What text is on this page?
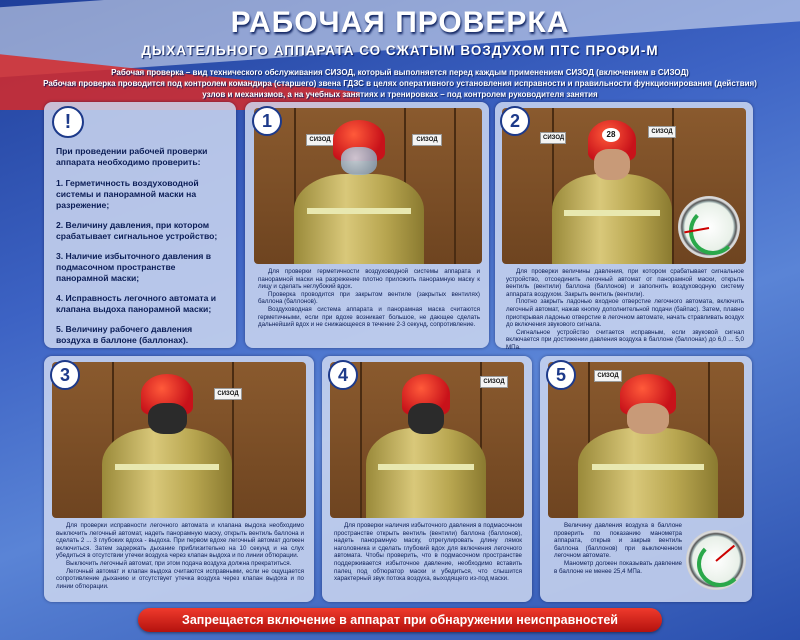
РАБОЧАЯ ПРОВЕРКА
ДЫХАТЕЛЬНОГО АППАРАТА СО СЖАТЫМ ВОЗДУХОМ ПТС ПРОФИ-М
Рабочая проверка – вид технического обслуживания СИЗОД, который выполняется перед каждым применением СИЗОД (включением в СИЗОД)
Рабочая проверка проводится под контролем командира (старшего) звена ГДЗС в целях оперативного установления исправности и правильности функционирования (действия) узлов и механизмов, а на учебных занятиях и тренировках – под контролем руководителя занятия
!
При проведении рабочей проверки аппарата необходимо проверить:
1. Герметичность воздуховодной системы и панорамной маски на разрежение;
2. Величину давления, при котором срабатывает сигнальное устройство;
3. Наличие избыточного давления в подмасочном пространстве панорамной маски;
4. Исправность легочного автомата и клапана выдоха панорамной маски;
5. Величину рабочего давления воздуха в баллоне (баллонах).
СИЗОД	СИЗОД
1

Для проверки герметичности воздуховодной системы аппарата и панорамной маски на разрежение плотно приложить панорамную маску к лицу и сделать неглубокий вдох.

Проверка проводится при закрытом вентиле (закрытых вентилях) баллона (баллонов).

Воздуховодная система аппарата и панорамная маска считаются герметичными, если при вдохе возникает большое, не дающее сделать дальнейший вдох и не снижающееся в течение 2-3 секунд, сопротивление.

СИЗОД
СИЗОД
28
2

Для проверки величины давления, при котором срабатывает сигнальное устройство, отсоединить легочный автомат от панорамной маски, открыть вентиль (вентили) баллона (баллонов) и заполнить воздуховодную систему аппарата воздухом. Закрыть вентиль (вентили).

Плотно закрыть ладонью входное отверстие легочного автомата, включить легочный автомат, нажав кнопку дополнительной подачи (байпас). Затем, плавно приоткрывая ладонью отверстие в легочном автомате, начать стравливать воздух до включения звукового сигнала.

Сигнальное устройство считается исправным, если звуковой сигнал включается при достижении давления воздуха в баллоне (баллонах) до 6,0 ... 5,0 МПа.

СИЗОД
3

Для проверки исправности легочного автомата и клапана выдоха необходимо выключить легочный автомат, надеть панорамную маску, открыть вентиль баллона и сделать 2 ... 3 глубоких вдоха - выдоха. При первом вдохе легочный автомат должен включиться. Затем задержать дыхание приблизительно на 10 секунд и на слух убедиться в отсутствии утечки воздуха через клапан выдоха и по линии обтюрации.

Выключить легочный автомат, при этом подача воздуха должна прекратиться.

Легочный автомат и клапан выдоха считаются исправными, если не ощущается сопротивление дыханию и отсутствует утечка воздуха через клапан выдоха и по линии обтюрации.

СИЗОД
4

Для проверки наличия избыточного давления в подмасочном пространстве открыть вентиль (вентили) баллона (баллонов), надеть панорамную маску, отрегулировать длину лямок наголовника и сделать глубокий вдох для включения легочного автомата. Чтобы проверить, что в подмасочном пространстве поддерживается избыточное давление, необходимо вставить палец под обтюратор маски и убедиться, что слышится характерный звук потока воздуха, выходящего из-под маски.

СИЗОД
5

Величину давления воздуха в баллоне проверить по показанию манометра аппарата, открыв и закрыв вентиль баллона (баллонов) при выключенном легочном автомате.

Манометр должен показывать давление в баллоне не менее 25,4 МПа.

Запрещается включение в аппарат при обнаружении неисправностей
